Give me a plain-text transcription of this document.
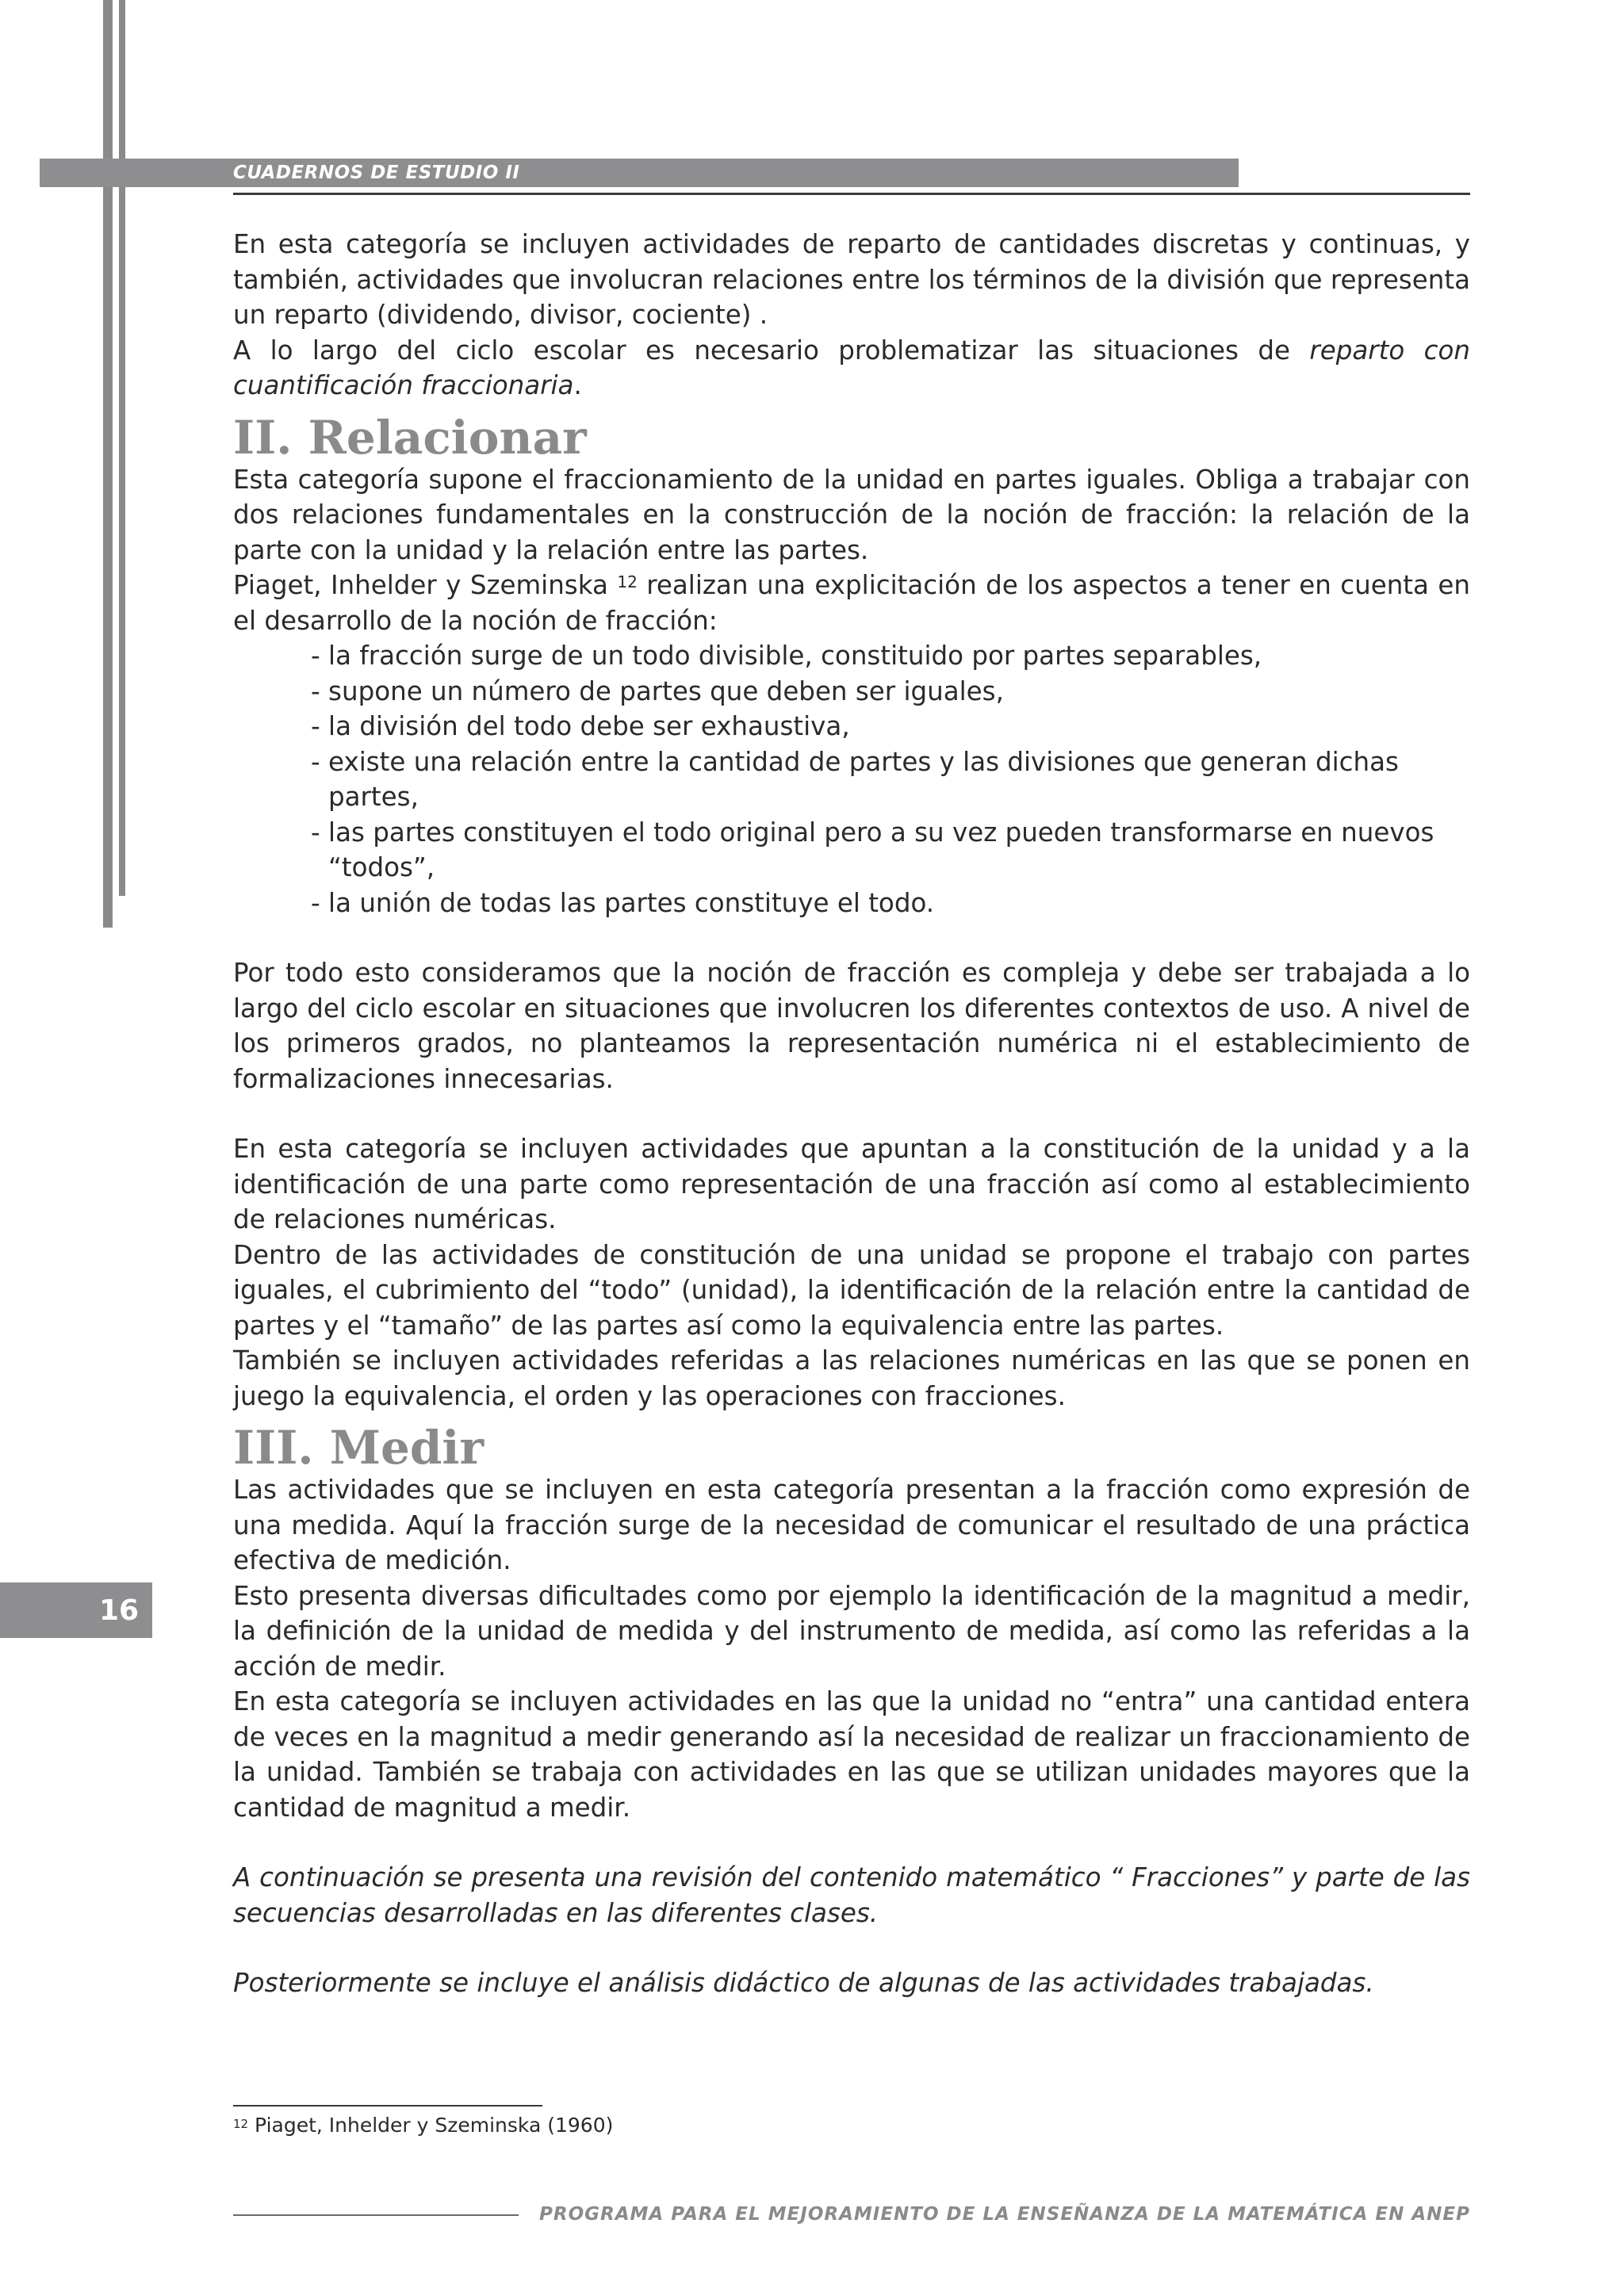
CUADERNOS DE ESTUDIO II

En esta categoría se incluyen actividades de reparto de cantidades discretas y continuas, y también, actividades que involucran relaciones entre los términos de la división que representa un reparto (dividendo, divisor, cociente) .

A lo largo del ciclo escolar es necesario problematizar las situaciones de reparto con cuantificación fraccionaria.

II. Relacionar

Esta categoría supone el fraccionamiento de la unidad en partes iguales. Obliga a trabajar con dos relaciones fundamentales en la construcción de la noción de fracción: la relación de la parte con la unidad y la relación entre las partes.

Piaget, Inhelder y Szeminska $^{12}$ realizan una explicitación de los aspectos a tener en cuenta en el desarrollo de la noción de fracción:

- la fracción surge de un todo divisible, constituido por partes separables,
- supone un número de partes que deben ser iguales,
- la división del todo debe ser exhaustiva,
- existe una relación entre la cantidad de partes y las divisiones que generan dichas partes,
- las partes constituyen el todo original pero a su vez pueden transformarse en nuevos “todos”,
- la unión de todas las partes constituye el todo.

Por todo esto consideramos que la noción de fracción es compleja y debe ser trabajada a lo largo del ciclo escolar en situaciones que involucren los diferentes contextos de uso. A nivel de los primeros grados, no planteamos la representación numérica ni el establecimiento de formalizaciones innecesarias.

En esta categoría se incluyen actividades que apuntan a la constitución de la unidad y a la identificación de una parte como representación de una fracción así como al establecimiento de relaciones numéricas.

Dentro de las actividades de constitución de una unidad se propone el trabajo con partes iguales, el cubrimiento del “todo” (unidad), la identificación de la relación entre la cantidad de partes y el “tamaño” de las partes así como la equivalencia entre las partes.

También se incluyen actividades referidas a las relaciones numéricas en las que se ponen en juego la equivalencia, el orden y las operaciones con fracciones.

III. Medir

Las actividades que se incluyen en esta categoría presentan a la fracción como expresión de una medida. Aquí la fracción surge de la necesidad de comunicar el resultado de una práctica efectiva de medición.

Esto presenta diversas dificultades como por ejemplo la identificación de la magnitud a medir, la definición de la unidad de medida y del instrumento de medida, así como las referidas a la acción de medir.

En esta categoría se incluyen actividades en las que la unidad no “entra” una cantidad entera de veces en la magnitud a medir generando así la necesidad de realizar un fraccionamiento de la unidad. También se trabaja con actividades en las que se utilizan unidades mayores que la cantidad de magnitud a medir.

A continuación se presenta una revisión del contenido matemático “ Fracciones” y parte de las secuencias desarrolladas en las diferentes clases.

Posteriormente se incluye el análisis didáctico de algunas de las actividades trabajadas.

16
$^{12}$ Piaget, Inhelder y Szeminska (1960)
PROGRAMA PARA EL MEJORAMIENTO DE LA ENSEÑANZA DE LA MATEMÁTICA EN ANEP
